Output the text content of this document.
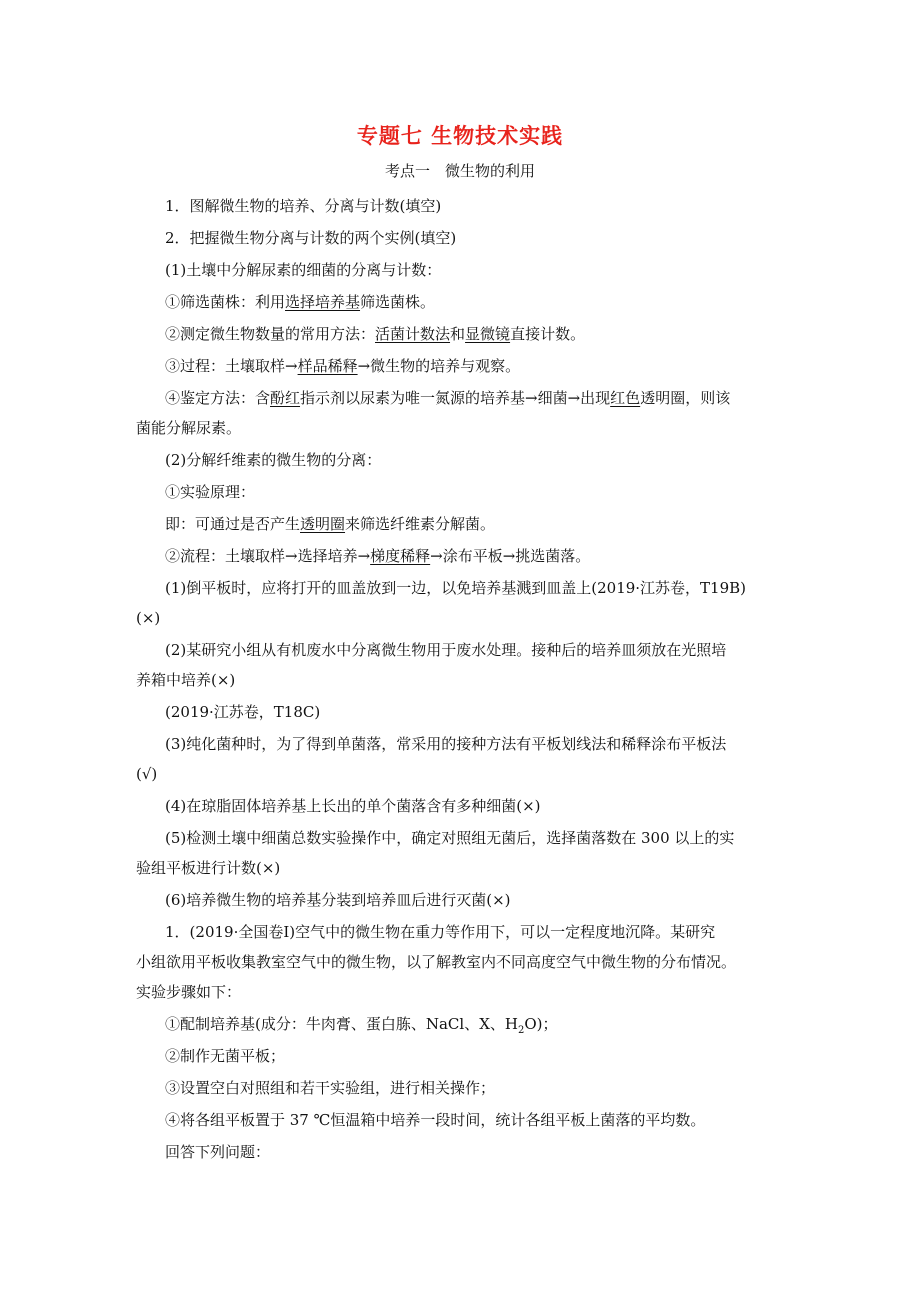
专题七 生物技术实践
考点一　微生物的利用
1．图解微生物的培养、分离与计数(填空)
2．把握微生物分离与计数的两个实例(填空)
(1)土壤中分解尿素的细菌的分离与计数：
①筛选菌株：利用选择培养基筛选菌株。
②测定微生物数量的常用方法：活菌计数法和显微镜直接计数。
③过程：土壤取样→样品稀释→微生物的培养与观察。
④鉴定方法：含酚红指示剂以尿素为唯一氮源的培养基→细菌→出现红色透明圈，则该
菌能分解尿素。
(2)分解纤维素的微生物的分离：
①实验原理：
即：可通过是否产生透明圈来筛选纤维素分解菌。
②流程：土壤取样→选择培养→梯度稀释→涂布平板→挑选菌落。
(1)倒平板时，应将打开的皿盖放到一边，以免培养基溅到皿盖上(2019·江苏卷，T19B)
(×)
(2)某研究小组从有机废水中分离微生物用于废水处理。接种后的培养皿须放在光照培
养箱中培养(×)
(2019·江苏卷，T18C)
(3)纯化菌种时，为了得到单菌落，常采用的接种方法有平板划线法和稀释涂布平板法
(√)
(4)在琼脂固体培养基上长出的单个菌落含有多种细菌(×)
(5)检测土壤中细菌总数实验操作中，确定对照组无菌后，选择菌落数在 300 以上的实
验组平板进行计数(×)
(6)培养微生物的培养基分装到培养皿后进行灭菌(×)
1．(2019·全国卷Ⅰ)空气中的微生物在重力等作用下，可以一定程度地沉降。某研究
小组欲用平板收集教室空气中的微生物，以了解教室内不同高度空气中微生物的分布情况。
实验步骤如下：
①配制培养基(成分：牛肉膏、蛋白胨、NaCl、X、$H_2O$)；
②制作无菌平板；
③设置空白对照组和若干实验组，进行相关操作；
④将各组平板置于 37 ℃恒温箱中培养一段时间，统计各组平板上菌落的平均数。
回答下列问题：
